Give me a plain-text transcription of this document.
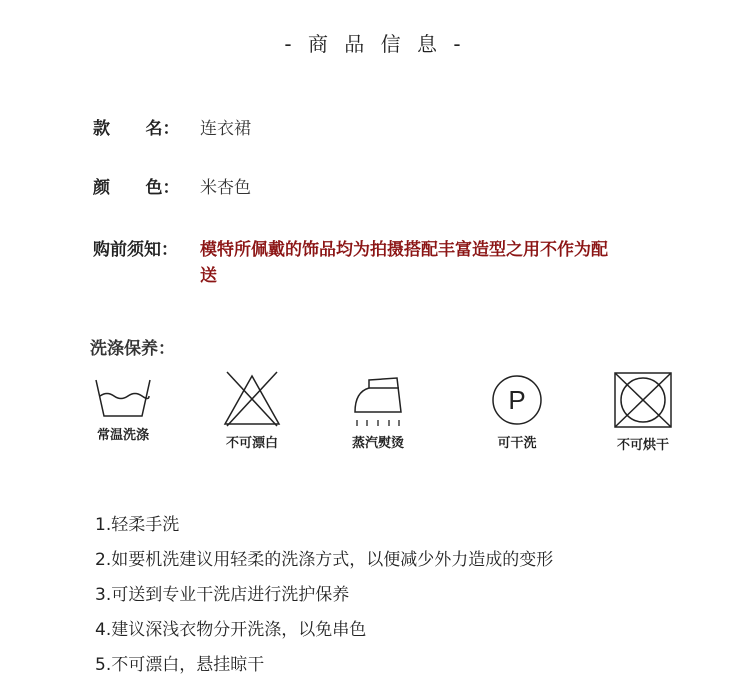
- 商 品 信 息 -
款      名：	连衣裙
颜      色：	米杏色
购前须知：	模特所佩戴的饰品均为拍摄搭配丰富造型之用不作为配送
洗涤保养：
常温洗涤
不可漂白	蒸汽熨烫
P
可干洗	不可烘干
1.轻柔手洗
2.如要机洗建议用轻柔的洗涤方式，以便减少外力造成的变形
3.可送到专业干洗店进行洗护保养
4.建议深浅衣物分开洗涤，以免串色
5.不可漂白，悬挂晾干
